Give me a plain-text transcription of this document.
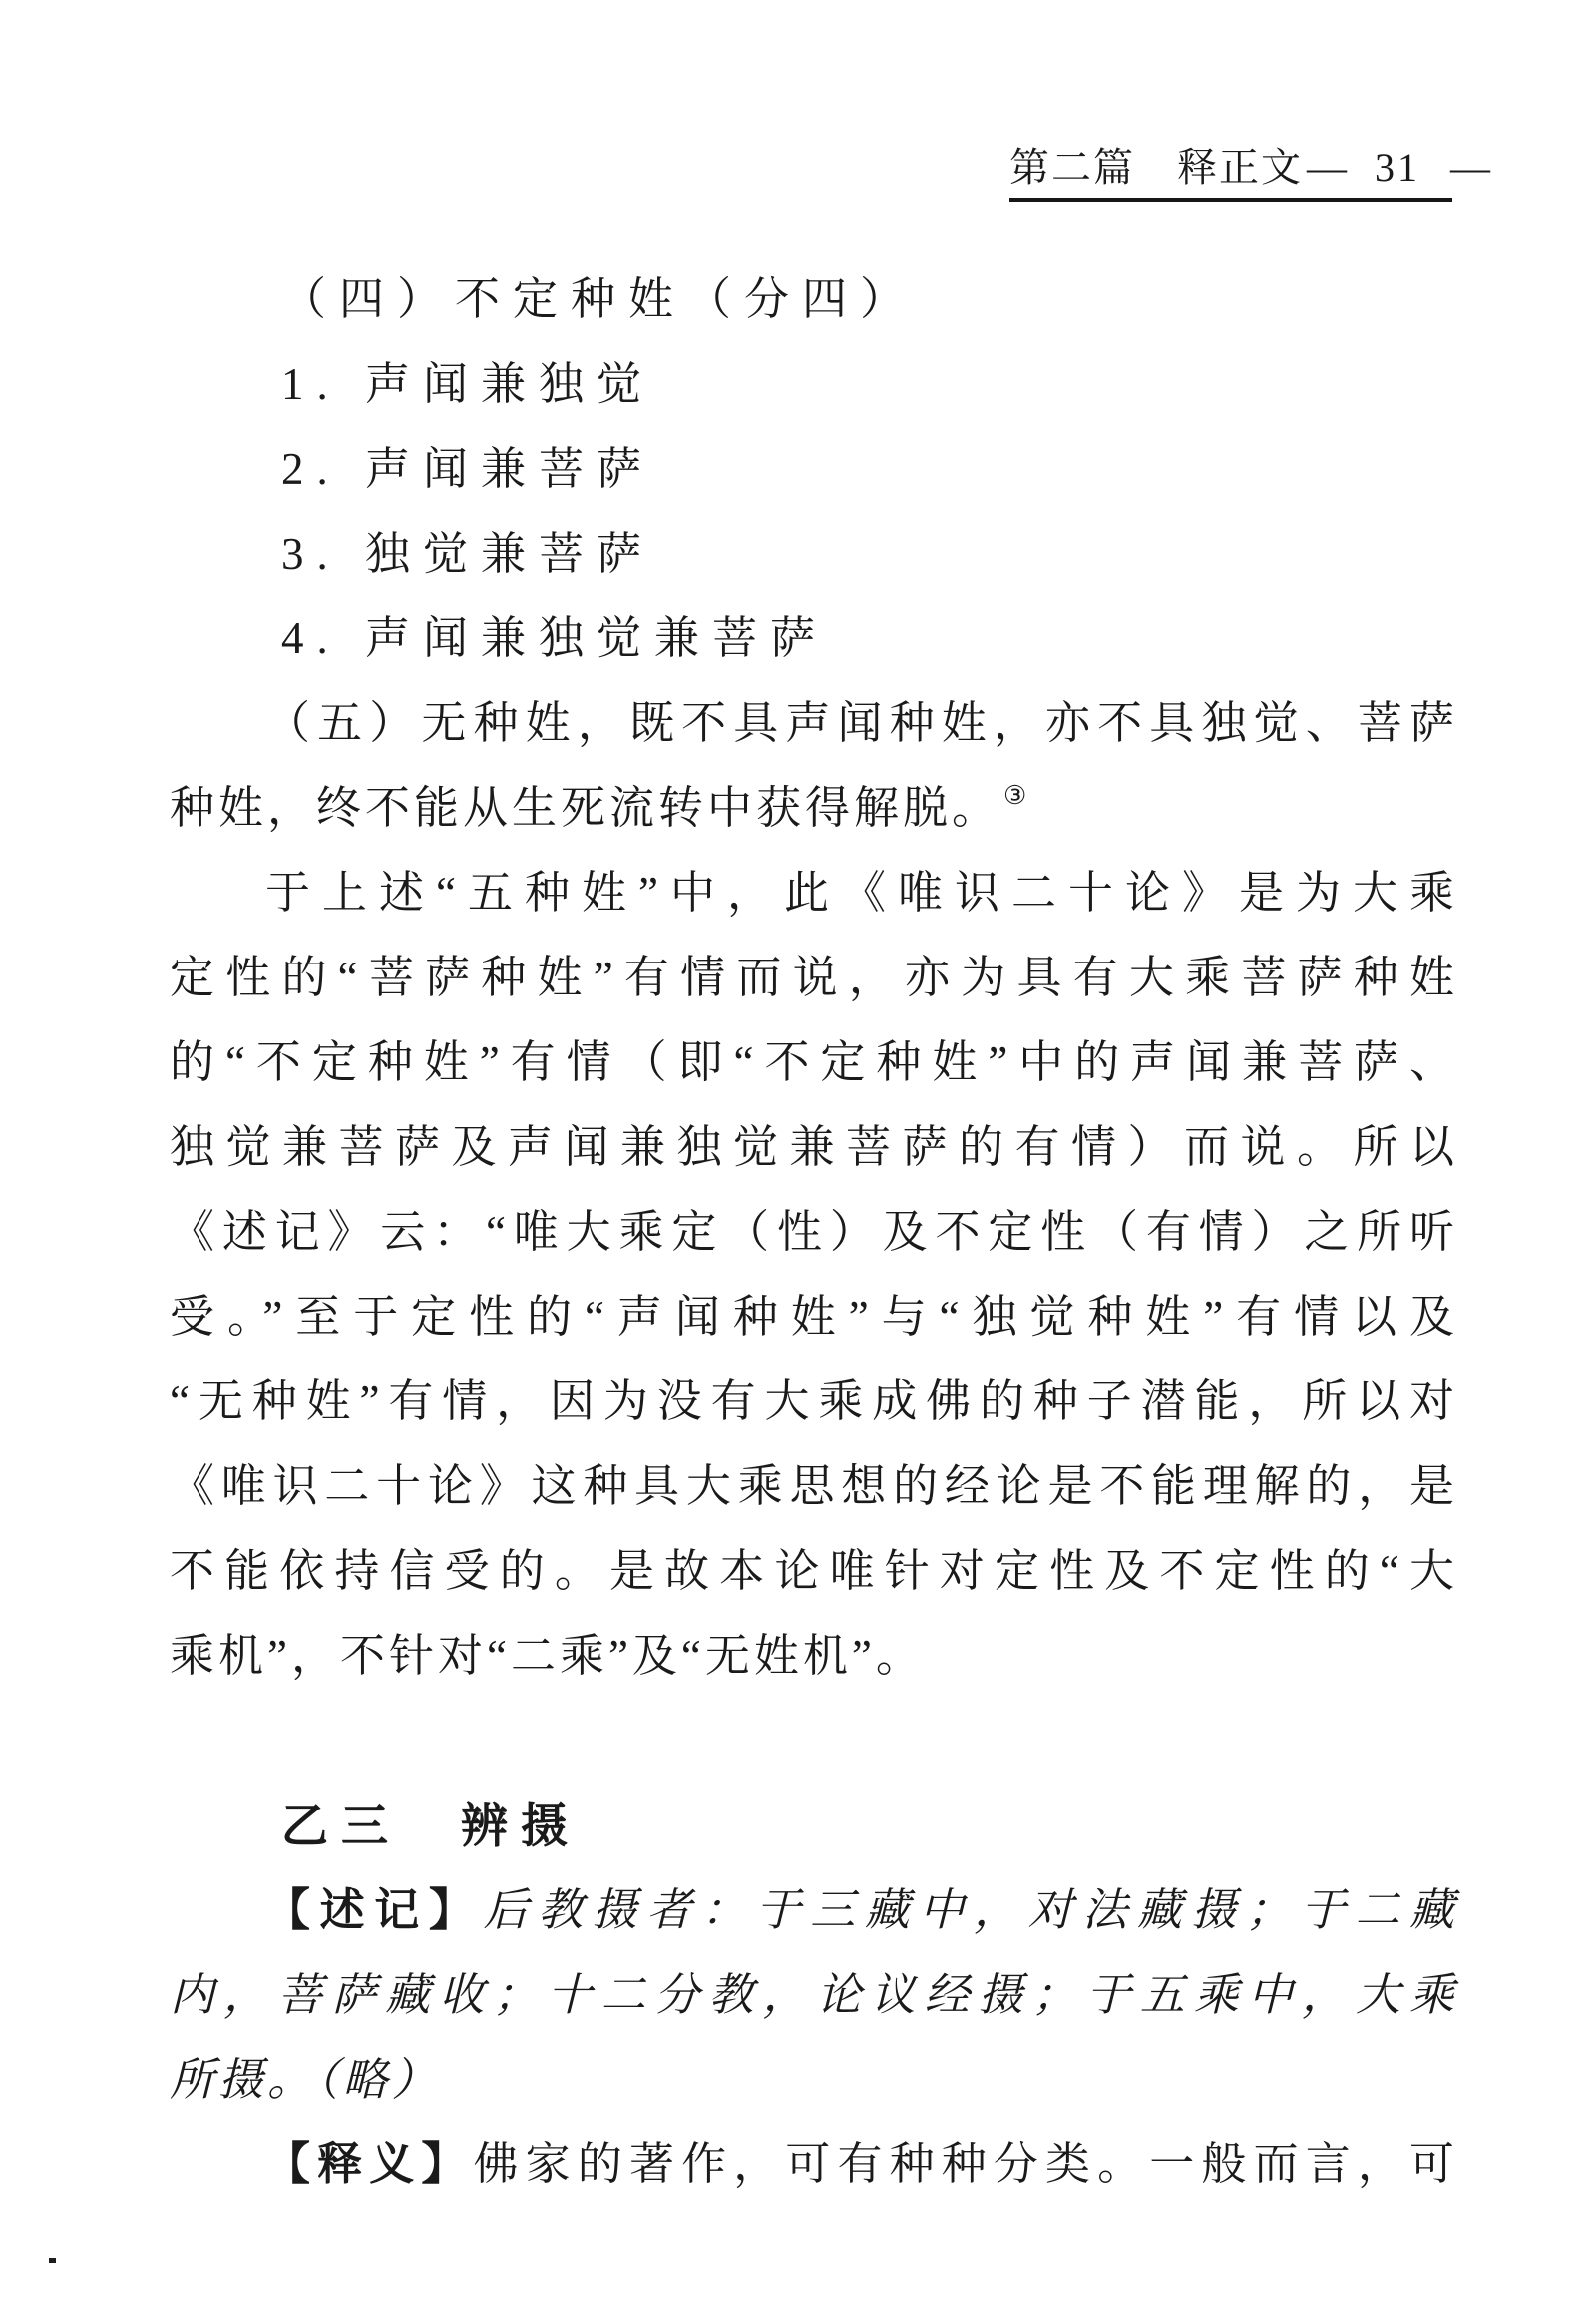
第二篇　释正文 — 31 —
（四）不定种姓（分四）
1. 声闻兼独觉
2. 声闻兼菩萨
3. 独觉兼菩萨
4. 声闻兼独觉兼菩萨
（五）无种姓，既不具声闻种姓，亦不具独觉、菩萨
种姓，终不能从生死流转中获得解脱。 ③
于上述“五种姓”中，此《唯识二十论》是为大乘
定性的“菩萨种姓”有情而说，亦为具有大乘菩萨种姓
的“不定种姓”有情（即“不定种姓”中的声闻兼菩萨、
独觉兼菩萨及声闻兼独觉兼菩萨的有情）而说。所以
《述记》云：“唯大乘定（性）及不定性（有情）之所听
受。”至于定性的“声闻种姓”与“独觉种姓”有情以及
“无种姓”有情，因为没有大乘成佛的种子潜能，所以对
《唯识二十论》这种具大乘思想的经论是不能理解的，是
不能依持信受的。是故本论唯针对定性及不定性的“大
乘机”，不针对“二乘”及“无姓机”。
乙三　辨摄
【述记】后教摄者：于三藏中，对法藏摄；于二藏
内，菩萨藏收；十二分教，论议经摄；于五乘中，大乘
所摄。（略）
【释义】佛家的著作，可有种种分类。一般而言，可
